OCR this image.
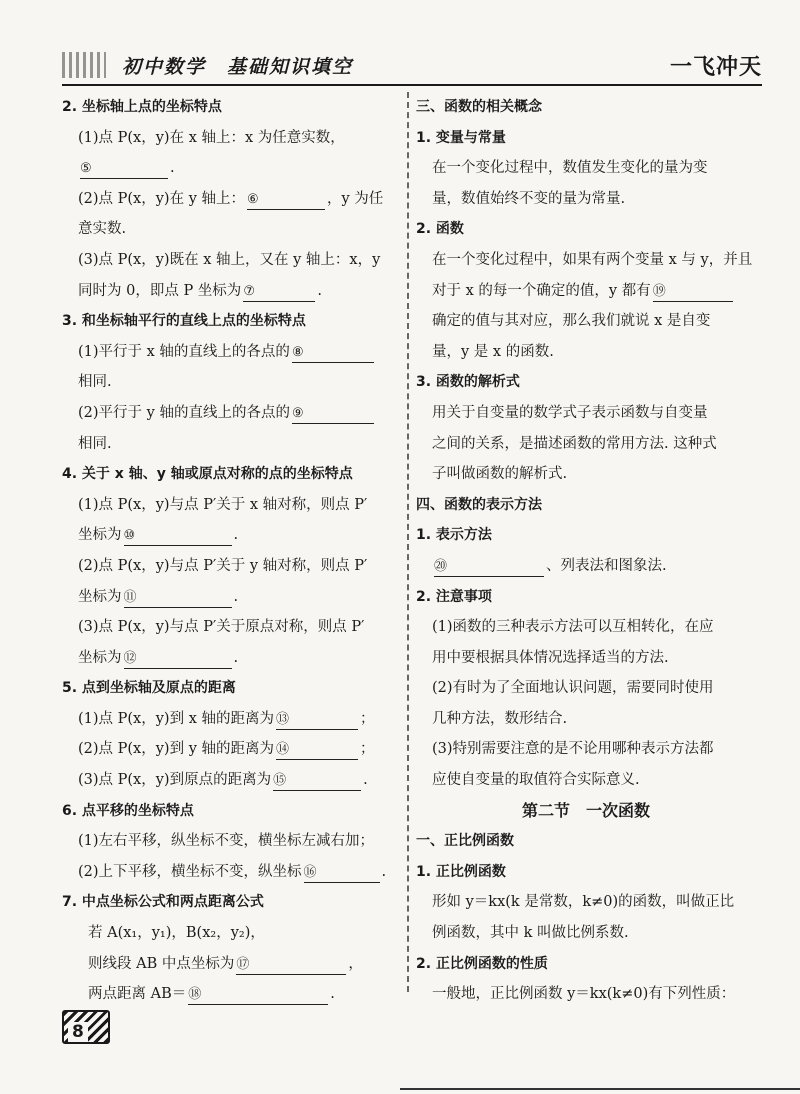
初中数学　基础知识填空	一飞冲天
2. 坐标轴上点的坐标特点
(1)点 P(x，y)在 x 轴上：x 为任意实数，
⑤	.
(2)点 P(x，y)在 y 轴上： ⑥	，y 为任
意实数.
(3)点 P(x，y)既在 x 轴上，又在 y 轴上：x，y
同时为 0，即点 P 坐标为 ⑦	.
3. 和坐标轴平行的直线上点的坐标特点
(1)平行于 x 轴的直线上的各点的 ⑧
相同.
(2)平行于 y 轴的直线上的各点的 ⑨
相同.
4. 关于 x 轴、y 轴或原点对称的点的坐标特点
(1)点 P(x，y)与点 P′关于 x 轴对称，则点 P′
坐标为 ⑩	.
(2)点 P(x，y)与点 P′关于 y 轴对称，则点 P′
坐标为 ⑪	.
(3)点 P(x，y)与点 P′关于原点对称，则点 P′
坐标为 ⑫	.
5. 点到坐标轴及原点的距离
(1)点 P(x，y)到 x 轴的距离为 ⑬	；
(2)点 P(x，y)到 y 轴的距离为 ⑭	；
(3)点 P(x，y)到原点的距离为 ⑮	.
6. 点平移的坐标特点
(1)左右平移，纵坐标不变，横坐标左减右加；
(2)上下平移，横坐标不变，纵坐标 ⑯	.
7. 中点坐标公式和两点距离公式
若 A(x₁，y₁)，B(x₂，y₂)，
则线段 AB 中点坐标为 ⑰	，
两点距离 AB＝ ⑱	.
三、函数的相关概念
1. 变量与常量
在一个变化过程中，数值发生变化的量为变
量，数值始终不变的量为常量.
2. 函数
在一个变化过程中，如果有两个变量 x 与 y，并且
对于 x 的每一个确定的值，y 都有 ⑲
确定的值与其对应，那么我们就说 x 是自变
量，y 是 x 的函数.
3. 函数的解析式
用关于自变量的数学式子表示函数与自变量
之间的关系，是描述函数的常用方法. 这种式
子叫做函数的解析式.
四、函数的表示方法
1. 表示方法
⑳	、列表法和图象法.
2. 注意事项
(1)函数的三种表示方法可以互相转化，在应
用中要根据具体情况选择适当的方法.
(2)有时为了全面地认识问题，需要同时使用
几种方法，数形结合.
(3)特别需要注意的是不论用哪种表示方法都
应使自变量的取值符合实际意义.
第二节　一次函数
一、正比例函数
1. 正比例函数
形如 y＝kx(k 是常数，k≠0)的函数，叫做正比
例函数，其中 k 叫做比例系数.
2. 正比例函数的性质
一般地，正比例函数 y＝kx(k≠0)有下列性质：
8
